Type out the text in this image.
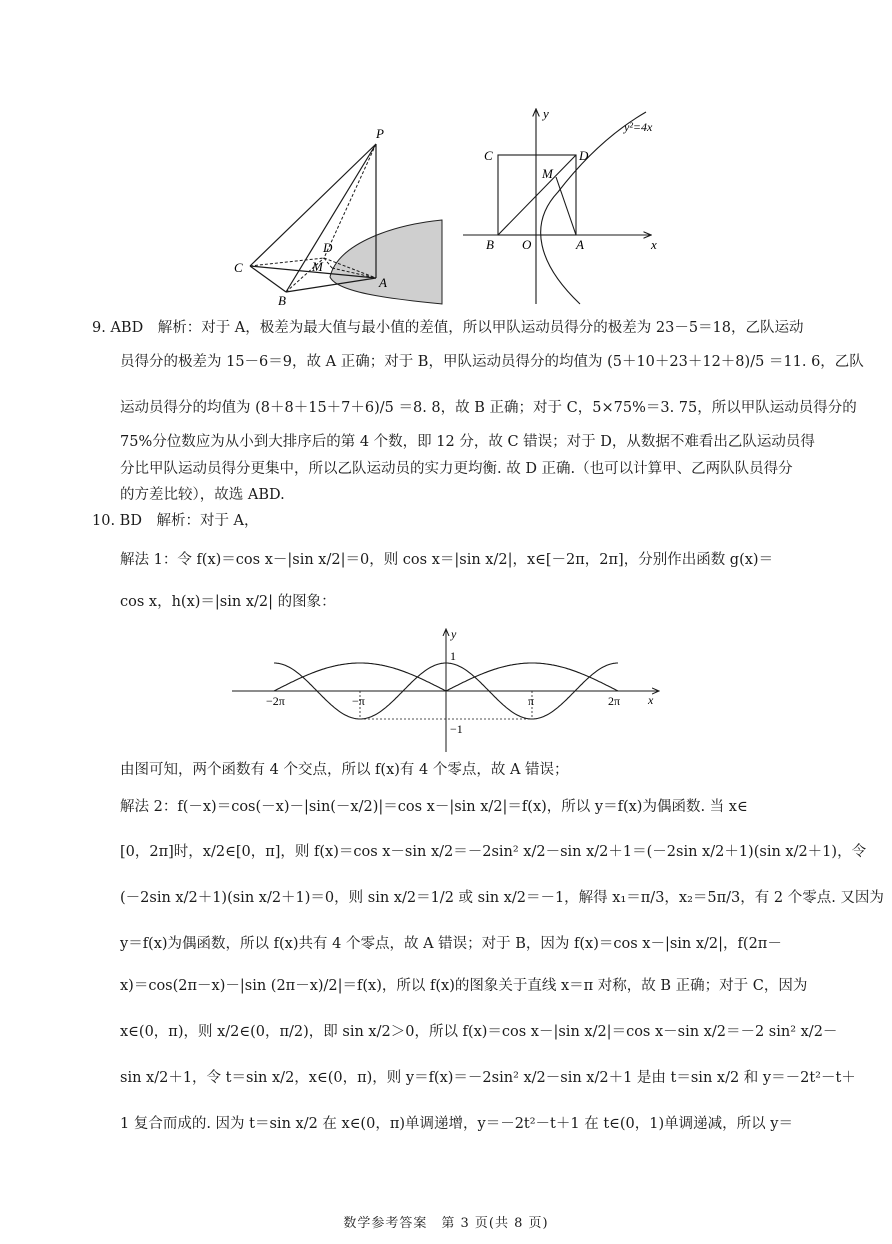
P
C
B
D
M
A
y
y²=4x
C	D
M
B O	A	x
9. ABD　解析：对于 A，极差为最大值与最小值的差值，所以甲队运动员得分的极差为 23－5＝18，乙队运动
员得分的极差为 15－6＝9，故 A 正确；对于 B，甲队运动员得分的均值为 (5＋10＋23＋12＋8)/5 ＝11. 6，乙队
运动员得分的均值为 (8＋8＋15＋7＋6)/5 ＝8. 8，故 B 正确；对于 C，5×75%＝3. 75，所以甲队运动员得分的
75%分位数应为从小到大排序后的第 4 个数，即 12 分，故 C 错误；对于 D，从数据不难看出乙队运动员得
分比甲队运动员得分更集中，所以乙队运动员的实力更均衡. 故 D 正确.（也可以计算甲、乙两队队员得分
的方差比较），故选 ABD.
10. BD　解析：对于 A，
解法 1：令 f(x)＝cos x－|sin x/2|＝0，则 cos x＝|sin x/2|，x∈[－2π，2π]，分别作出函数 g(x)＝
cos x，h(x)＝|sin x/2| 的图象：
y
1
−2π	−π	π	2π x
−1
由图可知，两个函数有 4 个交点，所以 f(x)有 4 个零点，故 A 错误；
解法 2：f(－x)＝cos(－x)－|sin(－x/2)|＝cos x－|sin x/2|＝f(x)，所以 y＝f(x)为偶函数. 当 x∈
[0，2π]时，x/2∈[0，π]，则 f(x)＝cos x－sin x/2＝－2sin² x/2－sin x/2＋1＝(－2sin x/2＋1)(sin x/2＋1)，令
(－2sin x/2＋1)(sin x/2＋1)＝0，则 sin x/2＝1/2 或 sin x/2＝－1，解得 x₁＝π/3，x₂＝5π/3，有 2 个零点. 又因为
y＝f(x)为偶函数，所以 f(x)共有 4 个零点，故 A 错误；对于 B，因为 f(x)＝cos x－|sin x/2|，f(2π－
x)＝cos(2π－x)－|sin (2π－x)/2|＝f(x)，所以 f(x)的图象关于直线 x＝π 对称，故 B 正确；对于 C，因为
x∈(0，π)，则 x/2∈(0，π/2)，即 sin x/2＞0，所以 f(x)＝cos x－|sin x/2|＝cos x－sin x/2＝－2 sin² x/2－
sin x/2＋1，令 t＝sin x/2，x∈(0，π)，则 y＝f(x)＝－2sin² x/2－sin x/2＋1 是由 t＝sin x/2 和 y＝－2t²－t＋
1 复合而成的. 因为 t＝sin x/2 在 x∈(0，π)单调递增，y＝－2t²－t＋1 在 t∈(0，1)单调递减，所以 y＝
数学参考答案　第 3 页(共 8 页)
